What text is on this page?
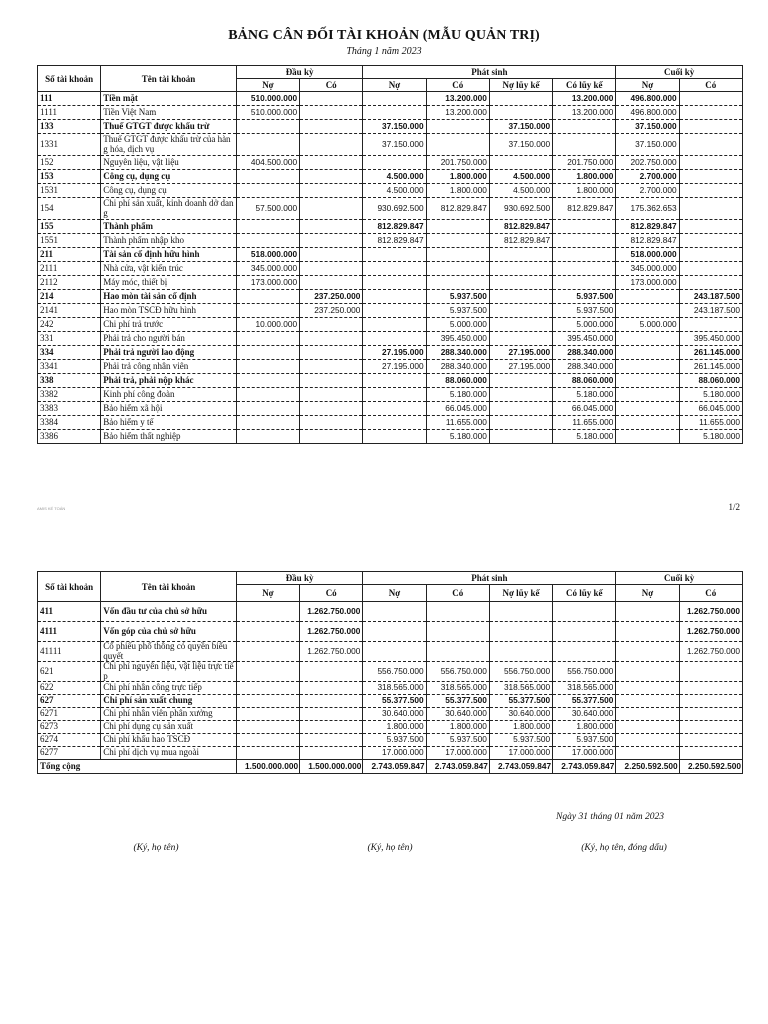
BẢNG CÂN ĐỐI TÀI KHOẢN (MẪU QUẢN TRỊ)
Tháng 1 năm 2023
Số tài khoản	Tên tài khoản	Đầu kỳ		Phát sinh				Cuối kỳ	
		Nợ	Có	Nợ	Có	Nợ lũy kế	Có lũy kế	Nợ	Có
111	Tiền mặt	510.000.000			13.200.000		13.200.000	496.800.000	
1111	Tiền Việt Nam	510.000.000			13.200.000		13.200.000	496.800.000	
133	Thuế GTGT được khấu trừ			37.150.000		37.150.000		37.150.000	
1331	Thuế GTGT được khấu trừ của hàng hóa, dịch vụ			37.150.000		37.150.000		37.150.000	
152	Nguyên liệu, vật liệu	404.500.000			201.750.000		201.750.000	202.750.000	
153	Công cụ, dụng cụ			4.500.000	1.800.000	4.500.000	1.800.000	2.700.000	
1531	Công cụ, dụng cụ			4.500.000	1.800.000	4.500.000	1.800.000	2.700.000	
154	Chi phí sản xuất, kinh doanh dở dang	57.500.000		930.692.500	812.829.847	930.692.500	812.829.847	175.362.653	
155	Thành phẩm			812.829.847		812.829.847		812.829.847	
1551	Thành phẩm nhập kho			812.829.847		812.829.847		812.829.847	
211	Tài sản cố định hữu hình	518.000.000						518.000.000	
2111	Nhà cửa, vật kiến trúc	345.000.000						345.000.000	
2112	Máy móc, thiết bị	173.000.000						173.000.000	
214	Hao mòn tài sản cố định		237.250.000		5.937.500		5.937.500		243.187.500
2141	Hao mòn TSCĐ hữu hình		237.250.000		5.937.500		5.937.500		243.187.500
242	Chi phí trả trước	10.000.000			5.000.000		5.000.000	5.000.000	
331	Phải trả cho người bán				395.450.000		395.450.000		395.450.000
334	Phải trả người lao động			27.195.000	288.340.000	27.195.000	288.340.000		261.145.000
3341	Phải trả công nhân viên			27.195.000	288.340.000	27.195.000	288.340.000		261.145.000
338	Phải trả, phải nộp khác				88.060.000		88.060.000		88.060.000
3382	Kinh phí công đoàn				5.180.000		5.180.000		5.180.000
3383	Bảo hiểm xã hội				66.045.000		66.045.000		66.045.000
3384	Bảo hiểm y tế				11.655.000		11.655.000		11.655.000
3386	Bảo hiểm thất nghiệp				5.180.000		5.180.000		5.180.000
AMIS KẾ TOÁN	1/2
Số tài khoản	Tên tài khoản	Đầu kỳ		Phát sinh				Cuối kỳ	
		Nợ	Có	Nợ	Có	Nợ lũy kế	Có lũy kế	Nợ	Có
411	Vốn đầu tư của chủ sở hữu		1.262.750.000						1.262.750.000
4111	Vốn góp của chủ sở hữu		1.262.750.000						1.262.750.000
41111	Cổ phiếu phổ thông có quyền biểu quyết		1.262.750.000						1.262.750.000
621	Chi phí nguyên liệu, vật liệu trực tiếp			556.750.000	556.750.000	556.750.000	556.750.000		
622	Chi phí nhân công trực tiếp			318.565.000	318.565.000	318.565.000	318.565.000		
627	Chi phí sản xuất chung			55.377.500	55.377.500	55.377.500	55.377.500		
6271	Chi phí nhân viên phân xưởng			30.640.000	30.640.000	30.640.000	30.640.000		
6273	Chi phí dụng cụ sản xuất			1.800.000	1.800.000	1.800.000	1.800.000		
6274	Chi phí khấu hao TSCĐ			5.937.500	5.937.500	5.937.500	5.937.500		
6277	Chi phí dịch vụ mua ngoài			17.000.000	17.000.000	17.000.000	17.000.000		
Tổng cộng		1.500.000.000	1.500.000.000	2.743.059.847	2.743.059.847	2.743.059.847	2.743.059.847	2.250.592.500	2.250.592.500
Ngày 31 tháng 01 năm 2023
(Ký, họ tên)	(Ký, họ tên)	(Ký, họ tên, đóng dấu)
